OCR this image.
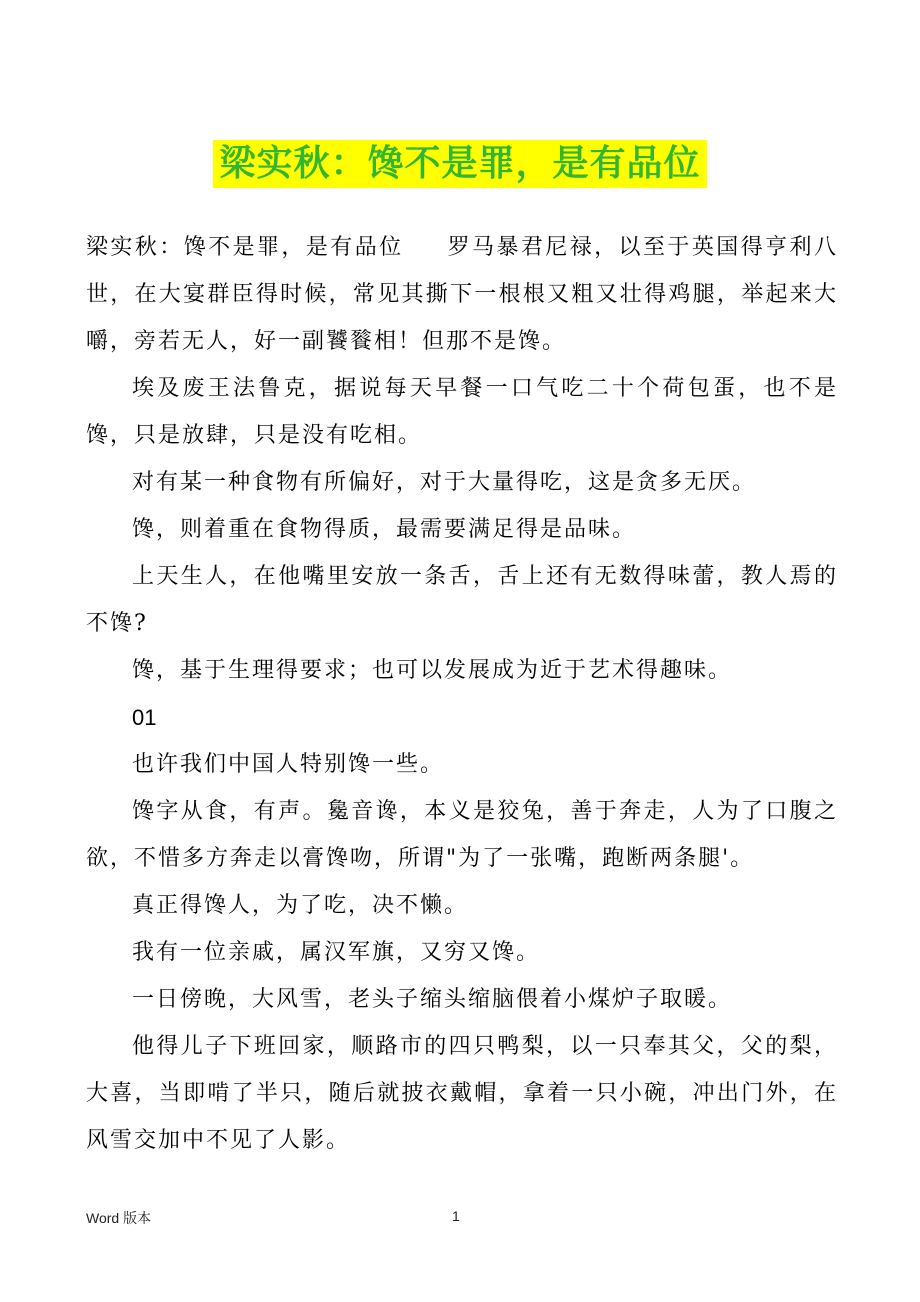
梁实秋：馋不是罪，是有品位

梁实秋：馋不是罪，是有品位 罗马暴君尼禄，以至于英国得亨利八世，在大宴群臣得时候，常见其撕下一根根又粗又壮得鸡腿，举起来大嚼，旁若无人，好一副饕餮相！但那不是馋。

埃及废王法鲁克，据说每天早餐一口气吃二十个荷包蛋，也不是馋，只是放肆，只是没有吃相。

对有某一种食物有所偏好，对于大量得吃，这是贪多无厌。

馋，则着重在食物得质，最需要满足得是品味。

上天生人，在他嘴里安放一条舌，舌上还有无数得味蕾，教人焉的不馋?

馋，基于生理得要求；也可以发展成为近于艺术得趣味。

01

也许我们中国人特别馋一些。

馋字从食，有声。毚音谗，本义是狡兔，善于奔走，人为了口腹之欲，不惜多方奔走以膏馋吻，所谓"为了一张嘴，跑断两条腿'。

真正得馋人，为了吃，决不懒。

我有一位亲戚，属汉军旗，又穷又馋。

一日傍晚，大风雪，老头子缩头缩脑偎着小煤炉子取暖。

他得儿子下班回家，顺路市的四只鸭梨，以一只奉其父，父的梨，大喜，当即啃了半只，随后就披衣戴帽，拿着一只小碗，冲出门外，在风雪交加中不见了人影。

Word 版本	1
